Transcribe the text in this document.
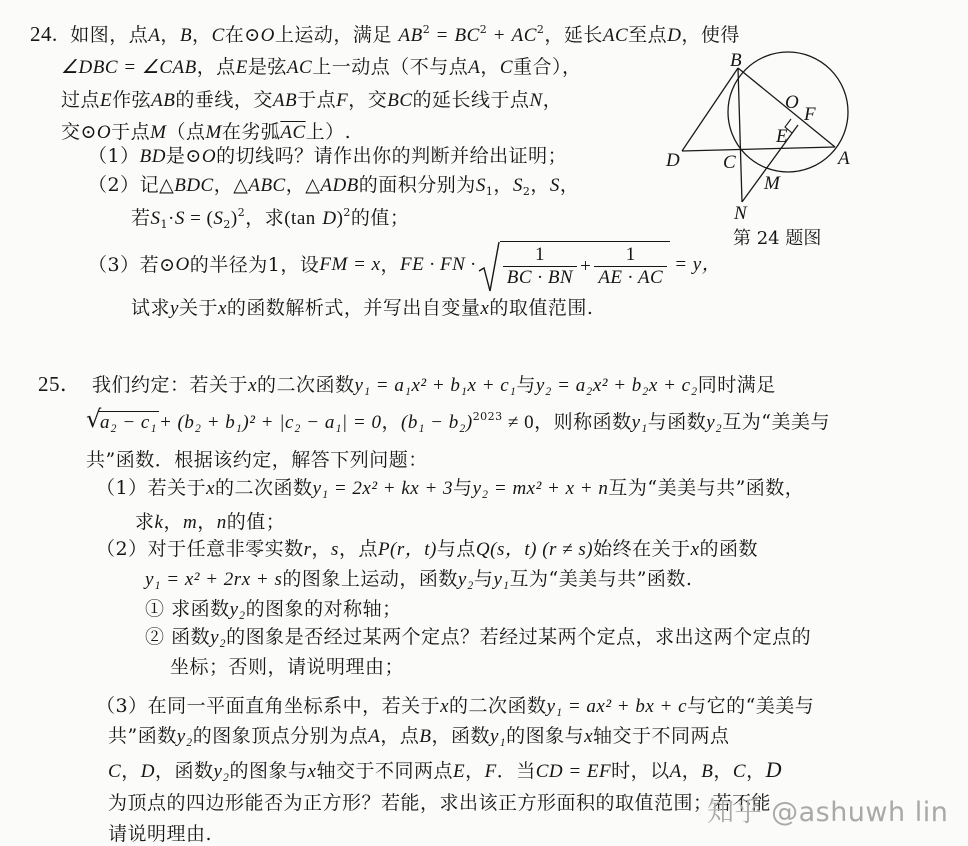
24. 如图，点A，B，C在⊙O上运动，满足 $AB^2 = BC^2 + AC^2$，延长AC至点D，使得
∠DBC = ∠CAB，点E是弦AC上一动点（不与点A，C重合），
过点E作弦AB的垂线，交AB于点F，交BC的延长线于点N，
交⊙O于点M（点M在劣弧$\overline{AC}$上）.
（1）BD是⊙O的切线吗？请作出你的判断并给出证明；
（2）记△BDC，△ABC，△ADB的面积分别为$S_1$，$S_2$，S，
若$S_1\cdot S = (S_2)^2$，求(tan D)$^2$的值；
（3） 若⊙ O 的半径为1，设 FM = x ， FE · FN · $\frac{1}{BC \cdot BN} + \frac{1}{AE \cdot AC} = y$，
试求y关于x的函数解析式，并写出自变量x的取值范围.
B
O
F
E
D C	A
M
N
第 24 题图
25． 我们约定：若关于x的二次函数y₁ = a₁x² + b₁x + c₁与y₂ = a₂x² + b₂x + c₂同时满足
√ a₂ − c₁ + (b₂ + b₁)² + |c₂ − a₁| = 0，$(b_1 - b_2)^{2023} \ne 0$，则称函数y₁与函数y₂互为“美美与
共”函数．根据该约定，解答下列问题：
（1）若关于x的二次函数y₁ = 2x² + kx + 3与y₂ = mx² + x + n互为“美美与共”函数，
求k，m，n的值；
（2）对于任意非零实数r，s，点P(r，t)与点Q(s，t) (r ≠ s)始终在关于x的函数
y₁ = x² + 2rx + s的图象上运动，函数y₂与y₁互为“美美与共”函数.
① 求函数y₂的图象的对称轴；
② 函数y₂的图象是否经过某两个定点？若经过某两个定点，求出这两个定点的
坐标；否则，请说明理由；
（3）在同一平面直角坐标系中，若关于x的二次函数y₁ = ax² + bx + c与它的“美美与
共”函数y₂的图象顶点分别为点A，点B，函数y₁的图象与x轴交于不同两点
C，D，函数y₂的图象与x轴交于不同两点E，F．当CD = EF时，以A，B，C，D
为顶点的四边形能否为正方形？若能，求出该正方形面积的取值范围；若不能
请说明理由.
知乎 @ashuwh lin
